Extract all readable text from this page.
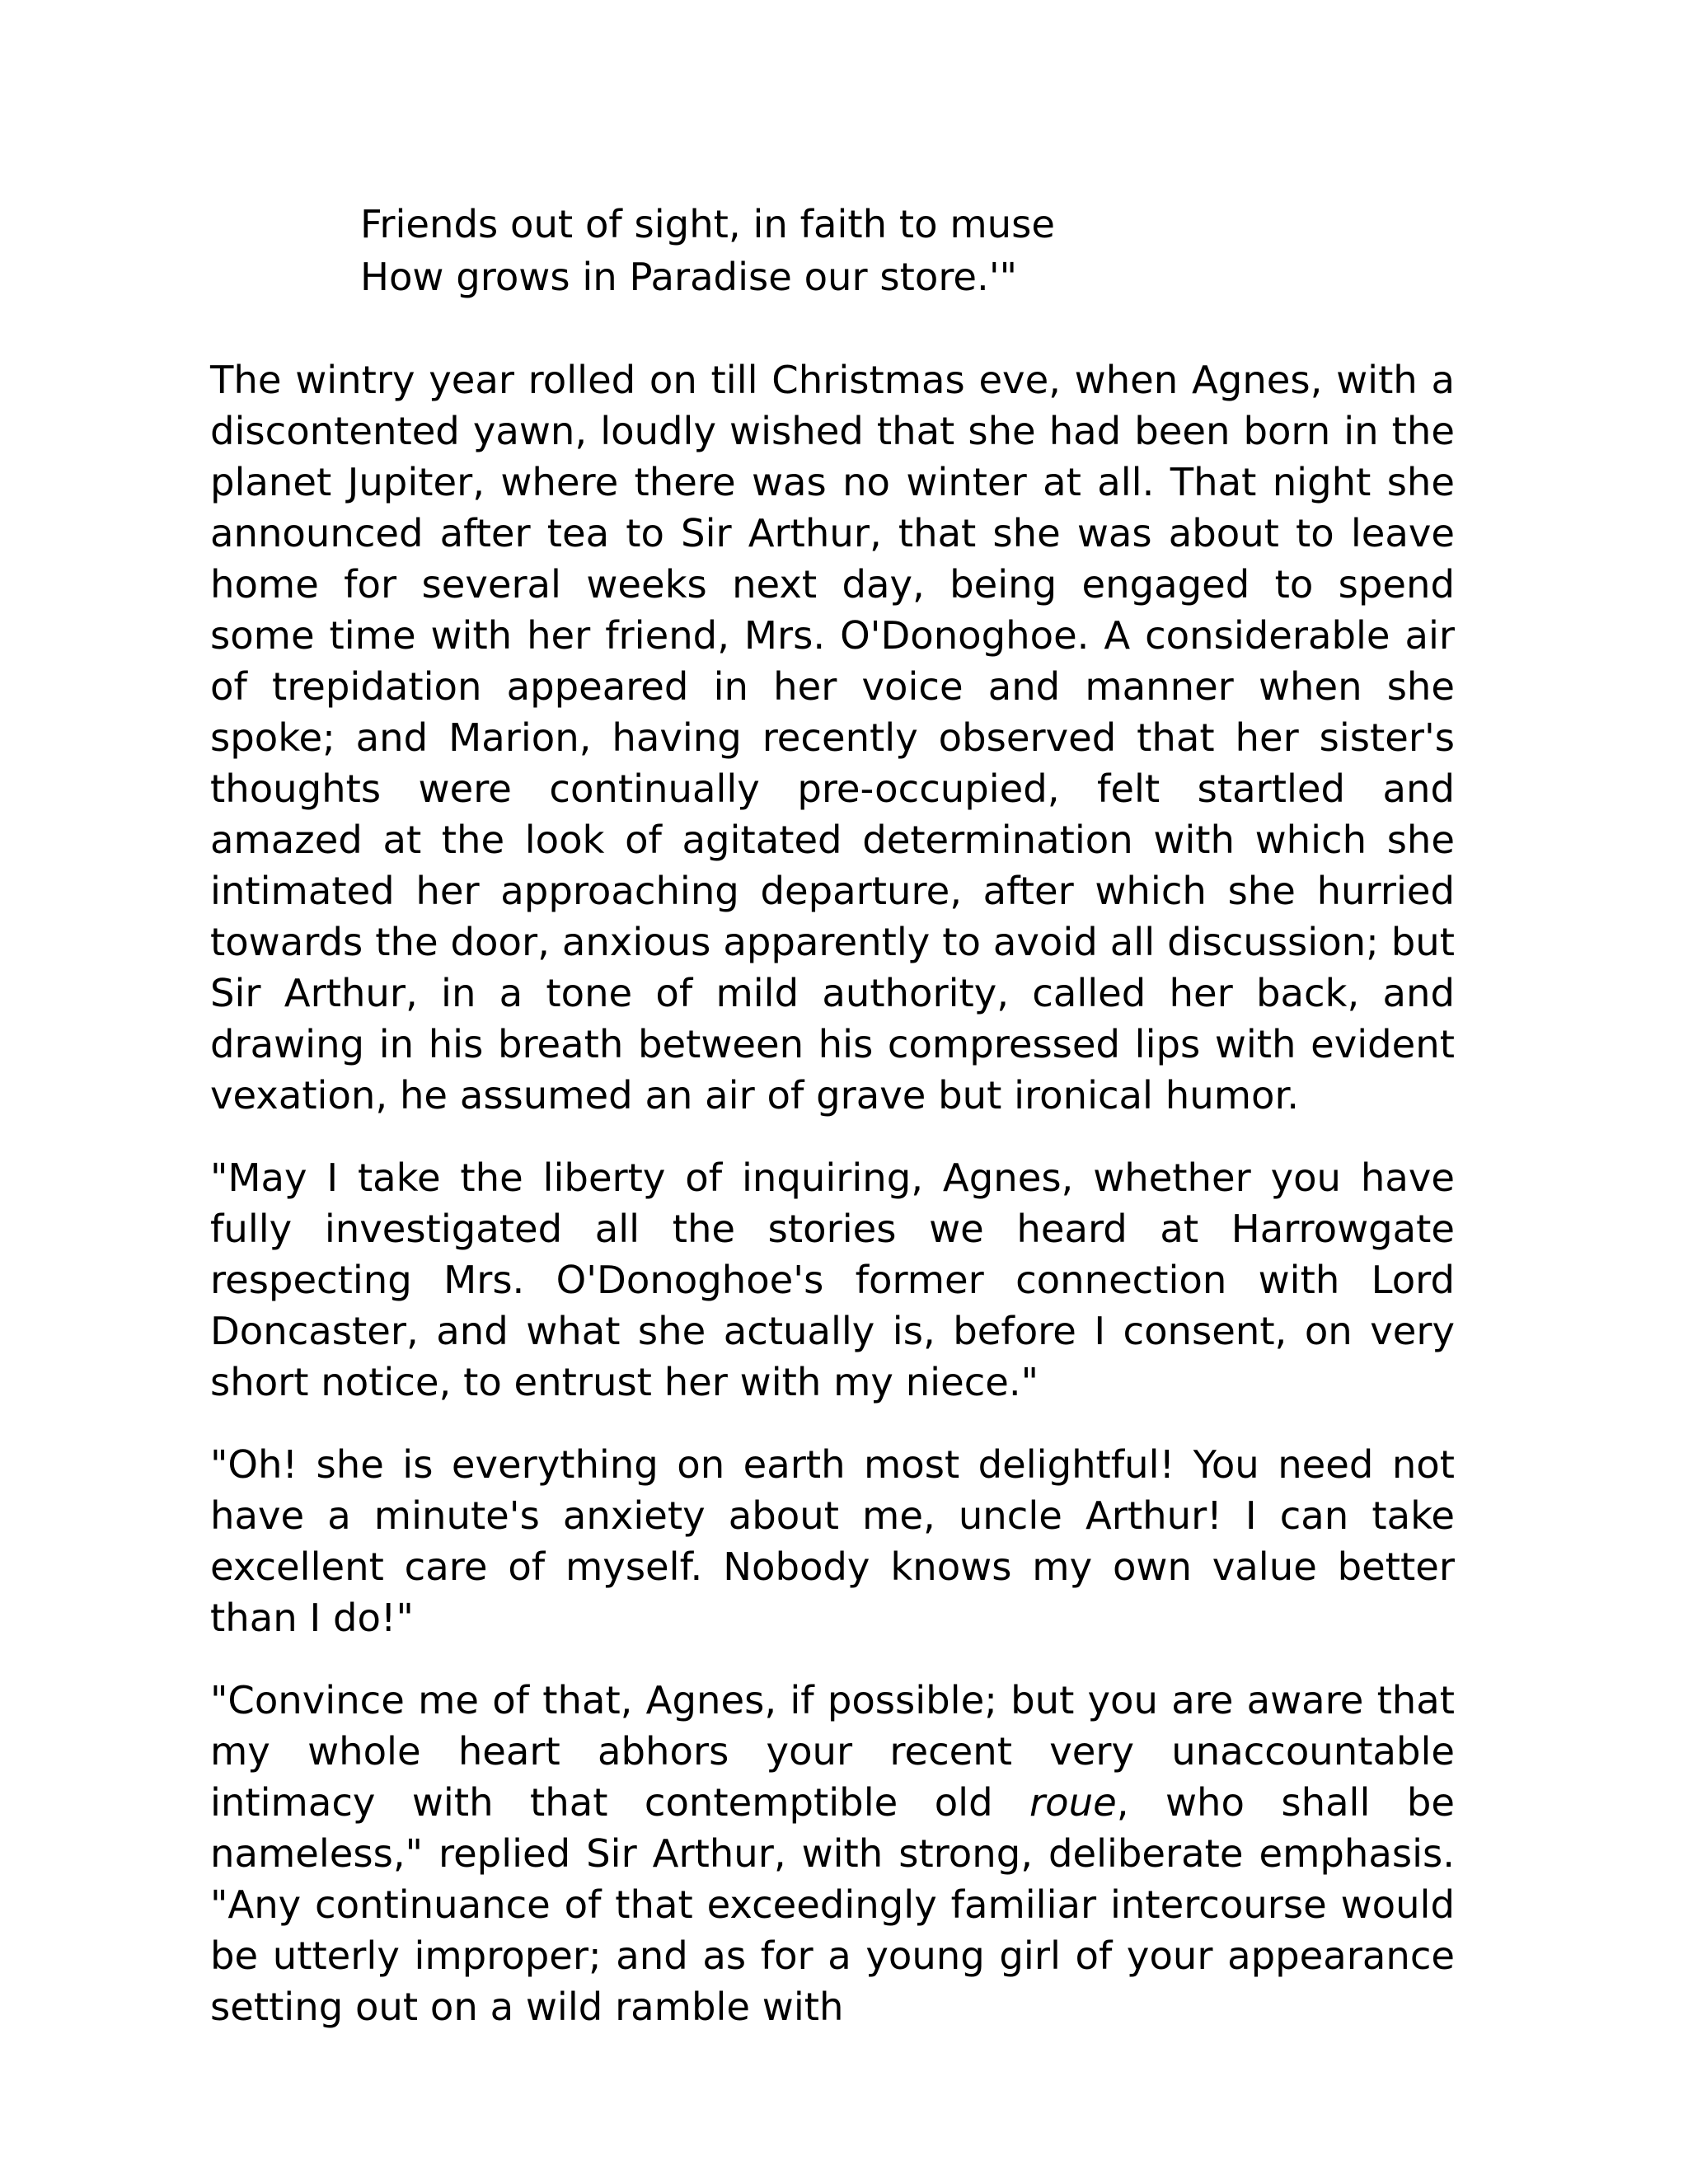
Friends out of sight, in faith to muse
How grows in Paradise our store.'"

The wintry year rolled on till Christmas eve, when Agnes, with a discontented yawn, loudly wished that she had been born in the planet Jupiter, where there was no winter at all. That night she announced after tea to Sir Arthur, that she was about to leave home for several weeks next day, being engaged to spend some time with her friend, Mrs. O'Donoghoe. A considerable air of trepidation appeared in her voice and manner when she spoke; and Marion, having recently observed that her sister's thoughts were continually pre-occupied, felt startled and amazed at the look of agitated determination with which she intimated her approaching departure, after which she hurried towards the door, anxious apparently to avoid all discussion; but Sir Arthur, in a tone of mild authority, called her back, and drawing in his breath between his compressed lips with evident vexation, he assumed an air of grave but ironical humor.

"May I take the liberty of inquiring, Agnes, whether you have fully investigated all the stories we heard at Harrowgate respecting Mrs. O'Donoghoe's former connection with Lord Doncaster, and what she actually is, before I consent, on very short notice, to entrust her with my niece."

"Oh! she is everything on earth most delightful! You need not have a minute's anxiety about me, uncle Arthur! I can take excellent care of myself. Nobody knows my own value better than I do!"

"Convince me of that, Agnes, if possible; but you are aware that my whole heart abhors your recent very unaccountable intimacy with that contemptible old roue, who shall be nameless," replied Sir Arthur, with strong, deliberate emphasis. "Any continuance of that exceedingly familiar intercourse would be utterly improper; and as for a young girl of your appearance setting out on a wild ramble with
